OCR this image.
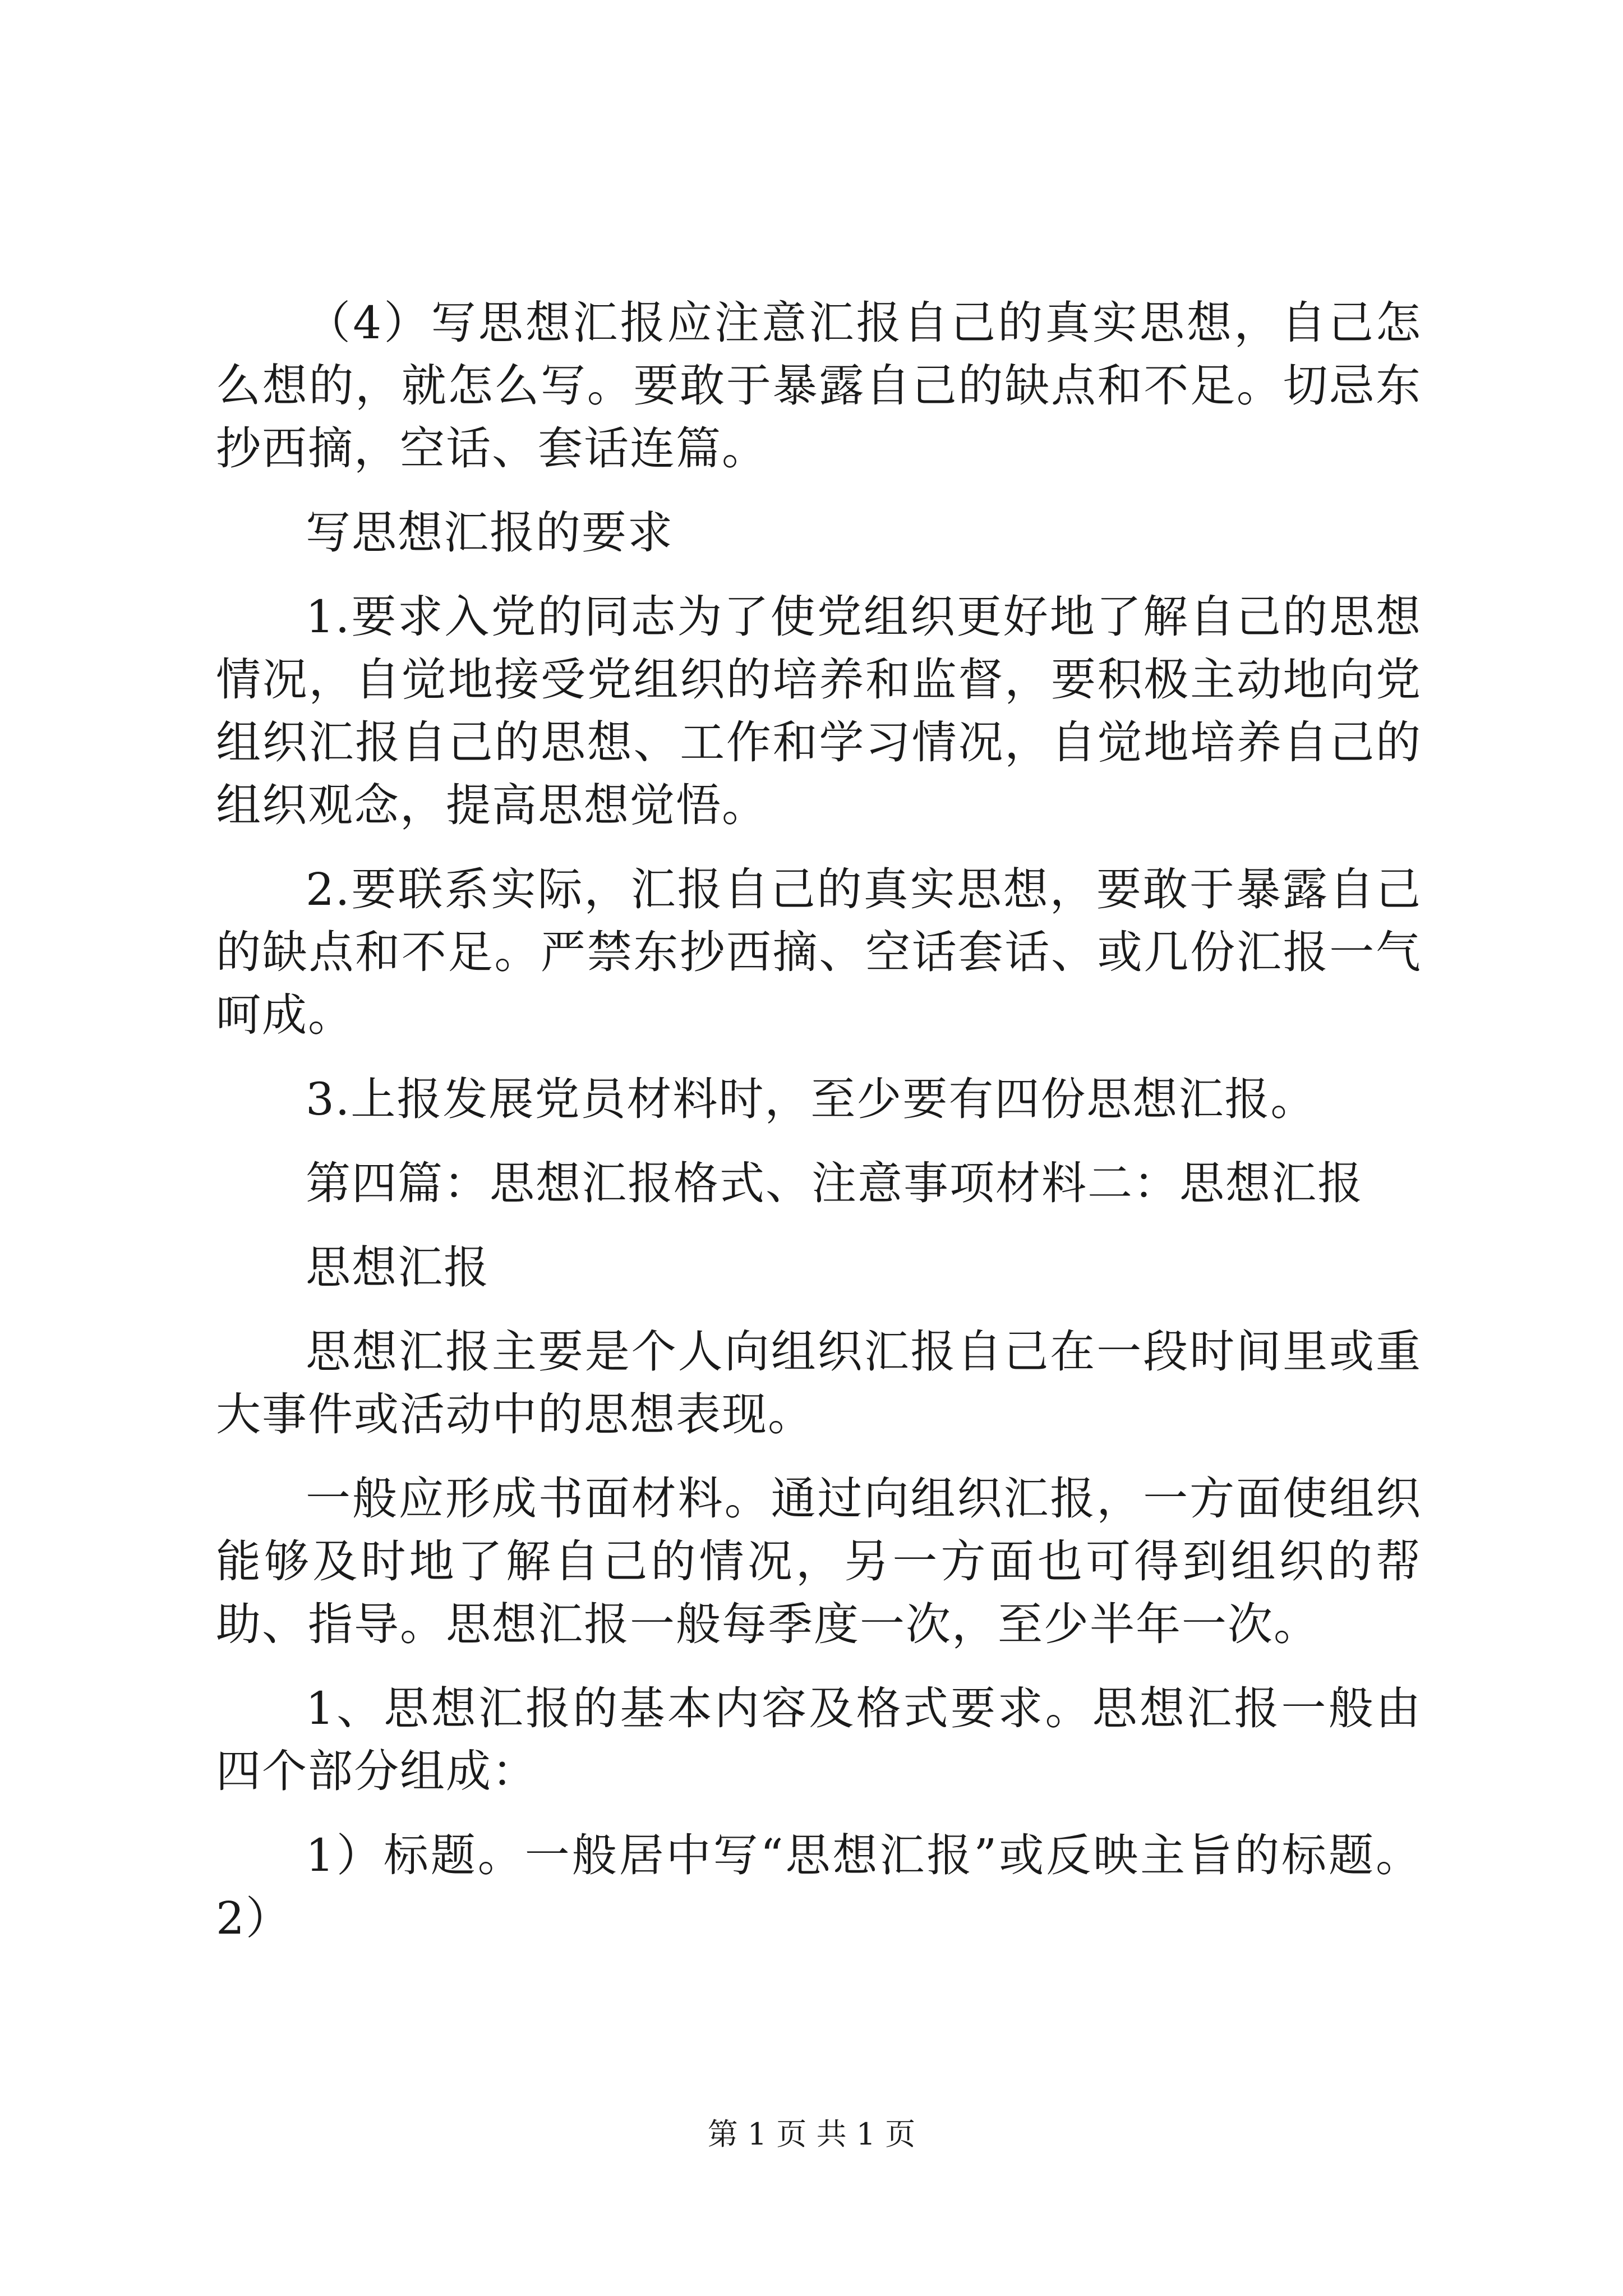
（4）写思想汇报应注意汇报自己的真实思想，自己怎么想的，就怎么写。要敢于暴露自己的缺点和不足。切忌东抄西摘，空话、套话连篇。

写思想汇报的要求

1.要求入党的同志为了使党组织更好地了解自己的思想情况，自觉地接受党组织的培养和监督，要积极主动地向党组织汇报自己的思想、工作和学习情况，自觉地培养自己的组织观念，提高思想觉悟。

2.要联系实际，汇报自己的真实思想，要敢于暴露自己的缺点和不足。严禁东抄西摘、空话套话、或几份汇报一气呵成。

3.上报发展党员材料时，至少要有四份思想汇报。

第四篇：思想汇报格式、注意事项材料二：思想汇报

思想汇报

思想汇报主要是个人向组织汇报自己在一段时间里或重大事件或活动中的思想表现。

一般应形成书面材料。通过向组织汇报，一方面使组织能够及时地了解自己的情况，另一方面也可得到组织的帮助、指导。思想汇报一般每季度一次，至少半年一次。

1、思想汇报的基本内容及格式要求。思想汇报一般由四个部分组成：

1）标题。一般居中写“思想汇报”或反映主旨的标题。2）

第 1 页 共 1 页
